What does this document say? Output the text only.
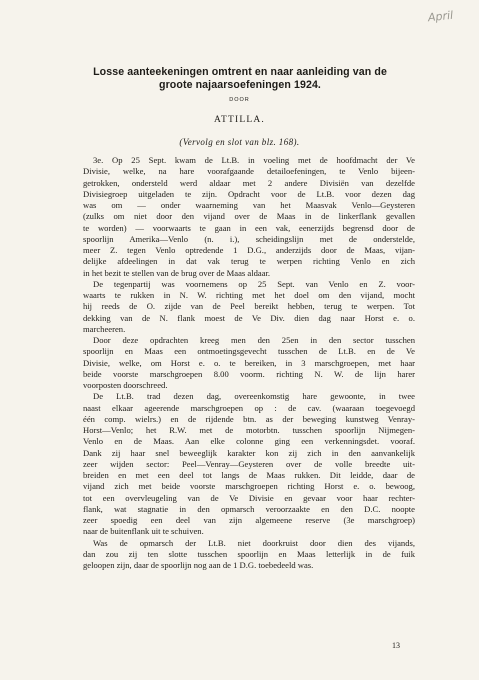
April
Losse aanteekeningen omtrent en naar aanleiding van de
groote najaarsoefeningen 1924.
DOOR
ATTILLA.
(Vervolg en slot van blz. 168).
3e. Op 25 Sept. kwam de Lt.B. in voeling met de hoofdmacht der Ve
Divisie, welke, na hare voorafgaande detailoefeningen, te Venlo bijeen-
getrokken, ondersteld werd aldaar met 2 andere Divisiën van dezelfde
Divisiegroep uitgeladen te zijn. Opdracht voor de Lt.B. voor dezen dag
was om — onder waarneming van het Maasvak Venlo—Geysteren
(zulks om niet door den vijand over de Maas in de linkerflank gevallen
te worden) — voorwaarts te gaan in een vak, eenerzijds begrensd door de
spoorlijn Amerika—Venlo (n. i.), scheidingslijn met de onderstelde,
meer Z. tegen Venlo optredende 1 D.G., anderzijds door de Maas, vijan-
delijke afdeelingen in dat vak terug te werpen richting Venlo en zich
in het bezit te stellen van de brug over de Maas aldaar.
De tegenpartij was voornemens op 25 Sept. van Venlo en Z. voor-
waarts te rukken in N. W. richting met het doel om den vijand, mocht
hij reeds de O. zijde van de Peel bereikt hebben, terug te werpen. Tot
dekking van de N. flank moest de Ve Div. dien dag naar Horst e. o.
marcheeren.
Door deze opdrachten kreeg men den 25en in den sector tusschen
spoorlijn en Maas een ontmoetingsgevecht tusschen de Lt.B. en de Ve
Divisie, welke, om Horst e. o. te bereiken, in 3 marschgroepen, met haar
beide voorste marschgroepen 8.00 voorm. richting N. W. de lijn harer
voorposten doorschreed.
De Lt.B. trad dezen dag, overeenkomstig hare gewoonte, in twee
naast elkaar ageerende marschgroepen op : de cav. (waaraan toegevoegd
één comp. wielrs.) en de rijdende btn. as der beweging kunstweg Venray-
Horst—Venlo; het R.W. met de motorbtn. tusschen spoorlijn Nijmegen-
Venlo en de Maas. Aan elke colonne ging een verkenningsdet. vooraf.
Dank zij haar snel beweeglijk karakter kon zij zich in den aanvankelijk
zeer wijden sector: Peel—Venray—Geysteren over de volle breedte uit-
breiden en met een deel tot langs de Maas rukken. Dit leidde, daar de
vijand zich met beide voorste marschgroepen richting Horst e. o. bewoog,
tot een overvleugeling van de Ve Divisie en gevaar voor haar rechter-
flank, wat stagnatie in den opmarsch veroorzaakte en den D.C. noopte
zeer spoedig een deel van zijn algemeene reserve (3e marschgroep)
naar de buitenflank uit te schuiven.
Was de opmarsch der Lt.B. niet doorkruist door dien des vijands,
dan zou zij ten slotte tusschen spoorlijn en Maas letterlijk in de fuik
geloopen zijn, daar de spoorlijn nog aan de 1 D.G. toebedeeld was.
13
